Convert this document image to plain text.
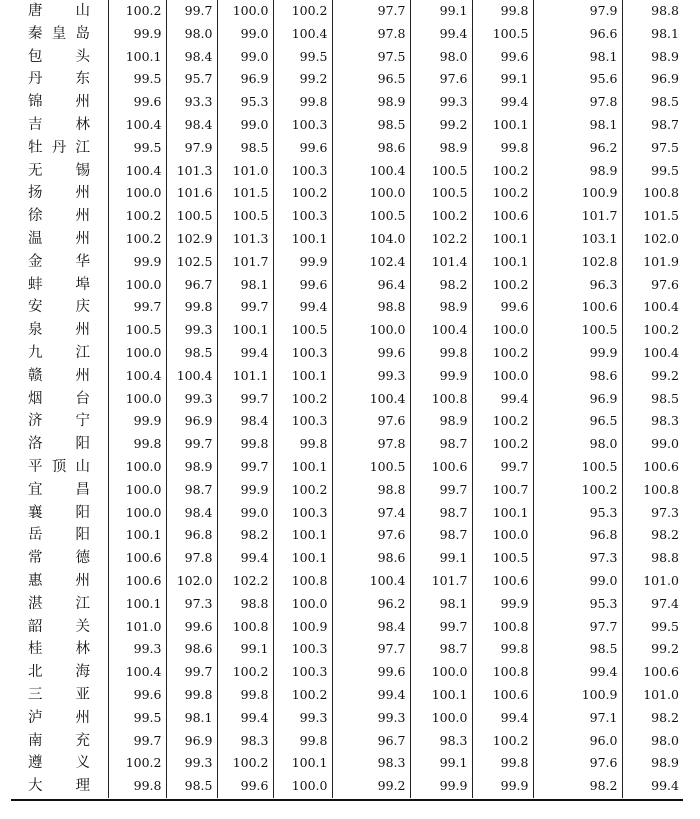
唐　山	100.2	99.7	100.0	100.2	97.7	99.1	99.8	97.9	98.8

秦皇岛	99.9	98.0	99.0	100.4	97.8	99.4	100.5	96.6	98.1

包　头	100.1	98.4	99.0	99.5	97.5	98.0	99.6	98.1	98.9

丹　东	99.5	95.7	96.9	99.2	96.5	97.6	99.1	95.6	96.9

锦　州	99.6	93.3	95.3	99.8	98.9	99.3	99.4	97.8	98.5

吉　林	100.4	98.4	99.0	100.3	98.5	99.2	100.1	98.1	98.7

牡丹江	99.5	97.9	98.5	99.6	98.6	98.9	99.8	96.2	97.5

无　锡	100.4	101.3	101.0	100.3	100.4	100.5	100.2	98.9	99.5

扬　州	100.0	101.6	101.5	100.2	100.0	100.5	100.2	100.9	100.8

徐　州	100.2	100.5	100.5	100.3	100.5	100.2	100.6	101.7	101.5

温　州	100.2	102.9	101.3	100.1	104.0	102.2	100.1	103.1	102.0

金　华	99.9	102.5	101.7	99.9	102.4	101.4	100.1	102.8	101.9

蚌　埠	100.0	96.7	98.1	99.6	96.4	98.2	100.2	96.3	97.6

安　庆	99.7	99.8	99.7	99.4	98.8	98.9	99.6	100.6	100.4

泉　州	100.5	99.3	100.1	100.5	100.0	100.4	100.0	100.5	100.2

九　江	100.0	98.5	99.4	100.3	99.6	99.8	100.2	99.9	100.4

赣　州	100.4	100.4	101.1	100.1	99.3	99.9	100.0	98.6	99.2

烟　台	100.0	99.3	99.7	100.2	100.4	100.8	99.4	96.9	98.5

济　宁	99.9	96.9	98.4	100.3	97.6	98.9	100.2	96.5	98.3

洛　阳	99.8	99.7	99.8	99.8	97.8	98.7	100.2	98.0	99.0

平顶山	100.0	98.9	99.7	100.1	100.5	100.6	99.7	100.5	100.6

宜　昌	100.0	98.7	99.9	100.2	98.8	99.7	100.7	100.2	100.8

襄　阳	100.0	98.4	99.0	100.3	97.4	98.7	100.1	95.3	97.3

岳　阳	100.1	96.8	98.2	100.1	97.6	98.7	100.0	96.8	98.2

常　德	100.6	97.8	99.4	100.1	98.6	99.1	100.5	97.3	98.8

惠　州	100.6	102.0	102.2	100.8	100.4	101.7	100.6	99.0	101.0

湛　江	100.1	97.3	98.8	100.0	96.2	98.1	99.9	95.3	97.4

韶　关	101.0	99.6	100.8	100.9	98.4	99.7	100.8	97.7	99.5

桂　林	99.3	98.6	99.1	100.3	97.7	98.7	99.8	98.5	99.2

北　海	100.4	99.7	100.2	100.3	99.6	100.0	100.8	99.4	100.6

三　亚	99.6	99.8	99.8	100.2	99.4	100.1	100.6	100.9	101.0

泸　州	99.5	98.1	99.4	99.3	99.3	100.0	99.4	97.1	98.2

南　充	99.7	96.9	98.3	99.8	96.7	98.3	100.2	96.0	98.0

遵　义	100.2	99.3	100.2	100.1	98.3	99.1	99.8	97.6	98.9

大　理	99.8	98.5	99.6	100.0	99.2	99.9	99.9	98.2	99.4
